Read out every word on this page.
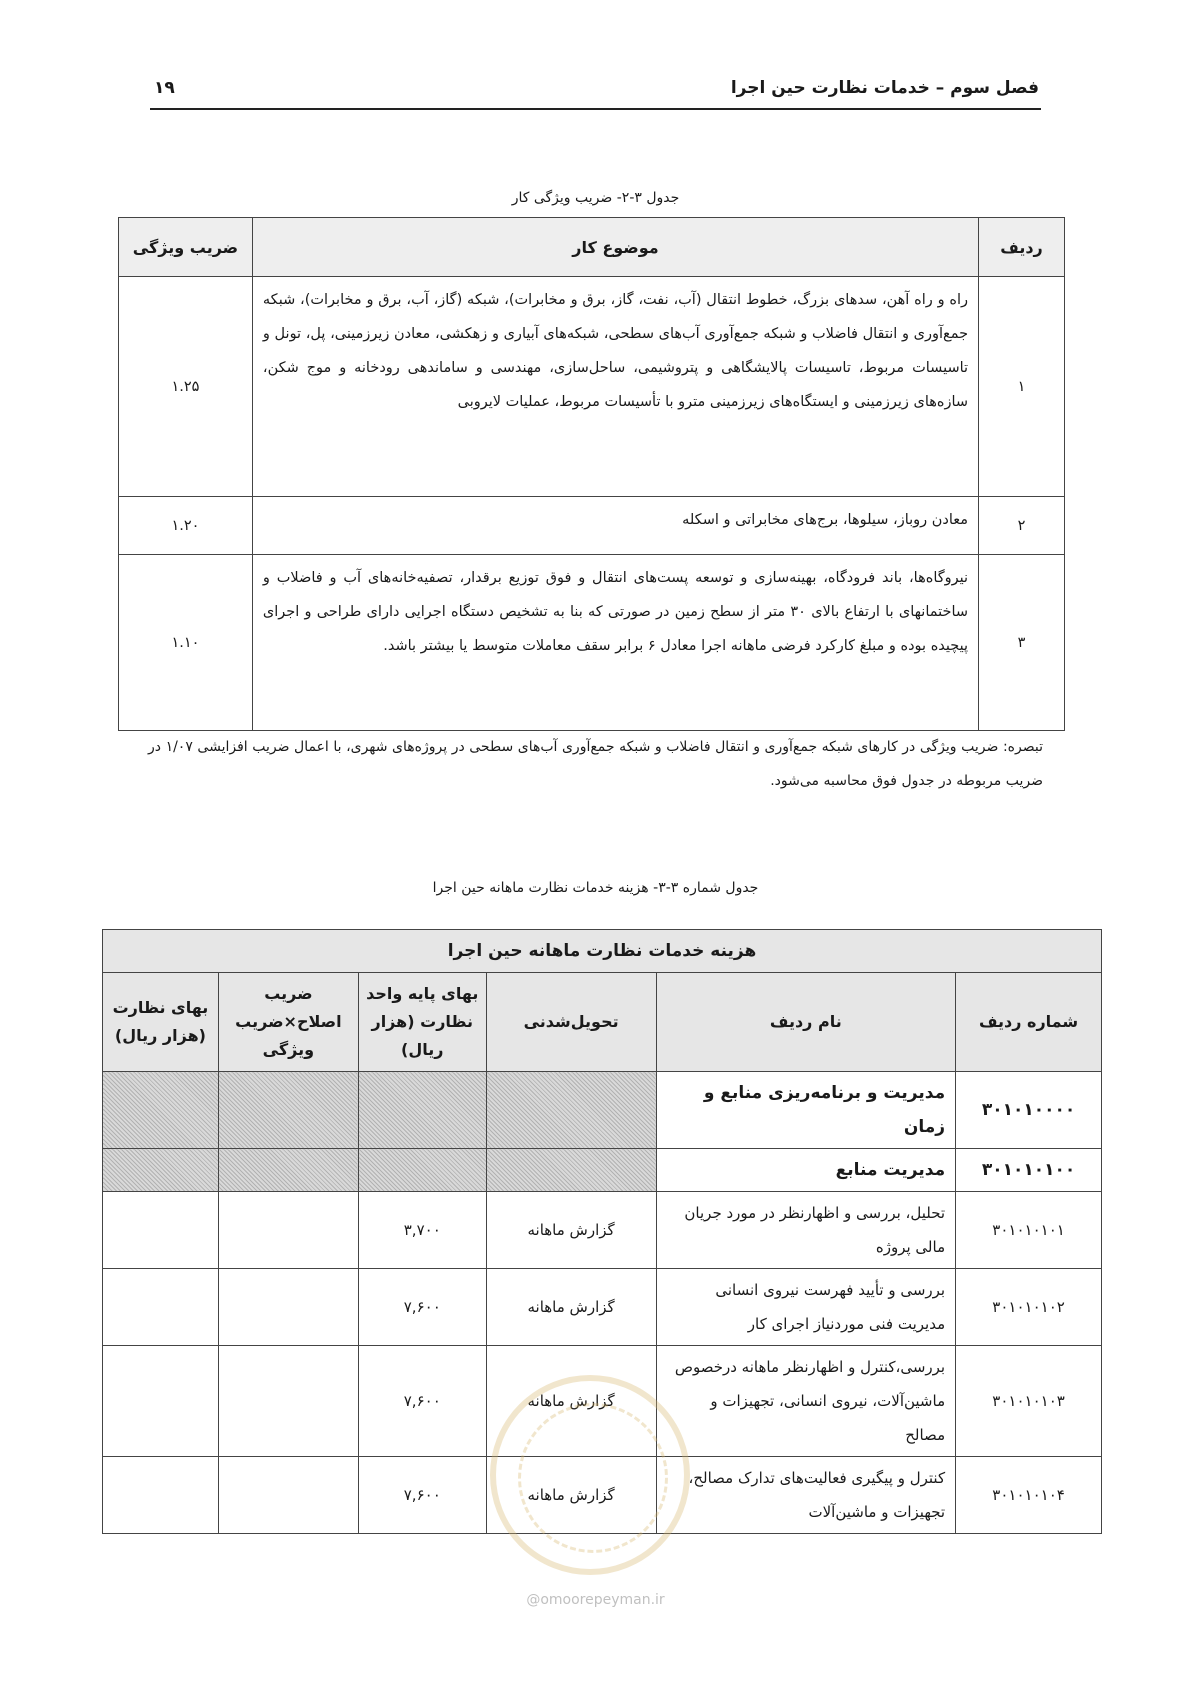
فصل سوم – خدمات نظارت حین اجرا
۱۹
جدول ۳-۲- ضریب ویژگی کار
ردیف	موضوع کار	ضریب ویژگی
۱	راه و راه آهن، سدهای بزرگ، خطوط انتقال (آب، نفت، گاز، برق و مخابرات)، شبکه (گاز، آب، برق و مخابرات)، شبکه جمع‌آوری و انتقال فاضلاب و شبکه جمع‌آوری آب‌های سطحی، شبکه‌های آبیاری و زهکشی، معادن زیرزمینی، پل، تونل و تاسیسات مربوط، تاسیسات پالایشگاهی و پتروشیمی، ساحل‌سازی، مهندسی و ساماندهی رودخانه و موج شکن، سازه‌های زیرزمینی و ایستگاه‌های زیرزمینی مترو با تأسیسات مربوط، عملیات لایروبی	۱.۲۵
۲	معادن روباز، سیلوها، برج‌های مخابراتی و اسکله	۱.۲۰
۳	نیروگاه‌ها، باند فرودگاه، بهینه‌سازی و توسعه پست‌های انتقال و فوق توزیع برقدار، تصفیه‌خانه‌های آب و فاضلاب و ساختمانهای با ارتفاع بالای ۳۰ متر از سطح زمین در صورتی که بنا به تشخیص دستگاه اجرایی دارای طراحی و اجرای پیچیده بوده و مبلغ کارکرد فرضی ماهانه اجرا معادل ۶ برابر سقف معاملات متوسط یا بیشتر باشد.	۱.۱۰
تبصره: ضریب ویژگی در کارهای شبکه جمع‌آوری و انتقال فاضلاب و شبکه جمع‌آوری آب‌های سطحی در پروژه‌های شهری، با اعمال ضریب افزایشی ۱/۰۷ در ضریب مربوطه در جدول فوق محاسبه می‌شود.
جدول شماره ۳-۳- هزینه خدمات نظارت ماهانه حین اجرا
هزینه خدمات نظارت ماهانه حین اجرا					
شماره ردیف	نام ردیف	تحویل‌شدنی	بهای پایه واحد نظارت (هزار ریال)	ضریب اصلاح×ضریب ویژگی	بهای نظارت (هزار ریال)
۳۰۱۰۱۰۰۰۰	مدیریت و برنامه‌ریزی منابع و زمان				
۳۰۱۰۱۰۱۰۰	مدیریت منابع				
۳۰۱۰۱۰۱۰۱	تحلیل، بررسی و اظهارنظر در مورد جریان مالی پروژه	گزارش ماهانه	۳,۷۰۰		
۳۰۱۰۱۰۱۰۲	بررسی و تأیید فهرست نیروی انسانی مدیریت فنی موردنیاز اجرای کار	گزارش ماهانه	۷,۶۰۰		
۳۰۱۰۱۰۱۰۳	بررسی،کنترل و اظهارنظر ماهانه درخصوص ماشین‌آلات، نیروی انسانی، تجهیزات و مصالح	گزارش ماهانه	۷,۶۰۰		
۳۰۱۰۱۰۱۰۴	کنترل و پیگیری فعالیت‌های تدارک مصالح، تجهیزات و ماشین‌آلات	گزارش ماهانه	۷,۶۰۰		
@omoorepeyman.ir
